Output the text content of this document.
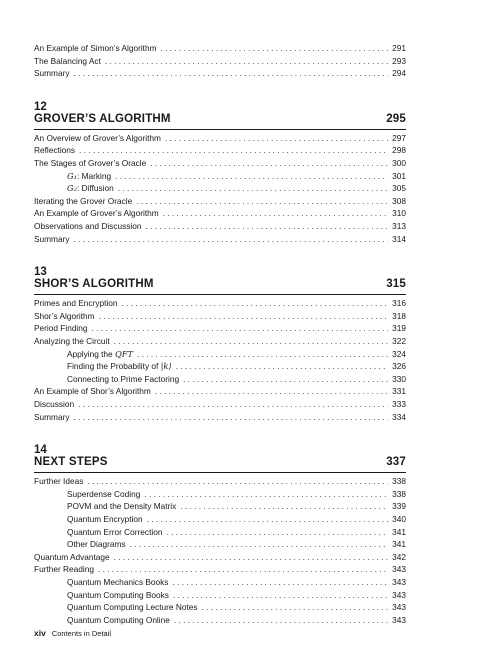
An Example of Simon’s Algorithm . . .	291
The Balancing Act . . .	293
Summary . . .	294
12
GROVER’S ALGORITHM	295
An Overview of Grover’s Algorithm . . .	297
Reflections . . .	298
The Stages of Grover’s Oracle . . .	300
G₁: Marking . . .	301
G₂: Diffusion . . .	305
Iterating the Grover Oracle . . .	308
An Example of Grover’s Algorithm . . .	310
Observations and Discussion . . .	313
Summary . . .	314
13
SHOR’S ALGORITHM	315
Primes and Encryption . . .	316
Shor’s Algorithm . . .	318
Period Finding . . .	319
Analyzing the Circuit . . .	322
Applying the QFT . . .	324
Finding the Probability of |k⟩ . . .	326
Connecting to Prime Factoring . . .	330
An Example of Shor’s Algorithm . . .	331
Discussion . . .	333
Summary . . .	334
14
NEXT STEPS	337
Further Ideas . . .	338
Superdense Coding . . .	338
POVM and the Density Matrix . . .	339
Quantum Encryption . . .	340
Quantum Error Correction . . .	341
Other Diagrams . . .	341
Quantum Advantage . . .	342
Further Reading . . .	343
Quantum Mechanics Books . . .	343
Quantum Computing Books . . .	343
Quantum Computing Lecture Notes . . .	343
Quantum Computing Online . . .	343
xiv Contents in Detail
